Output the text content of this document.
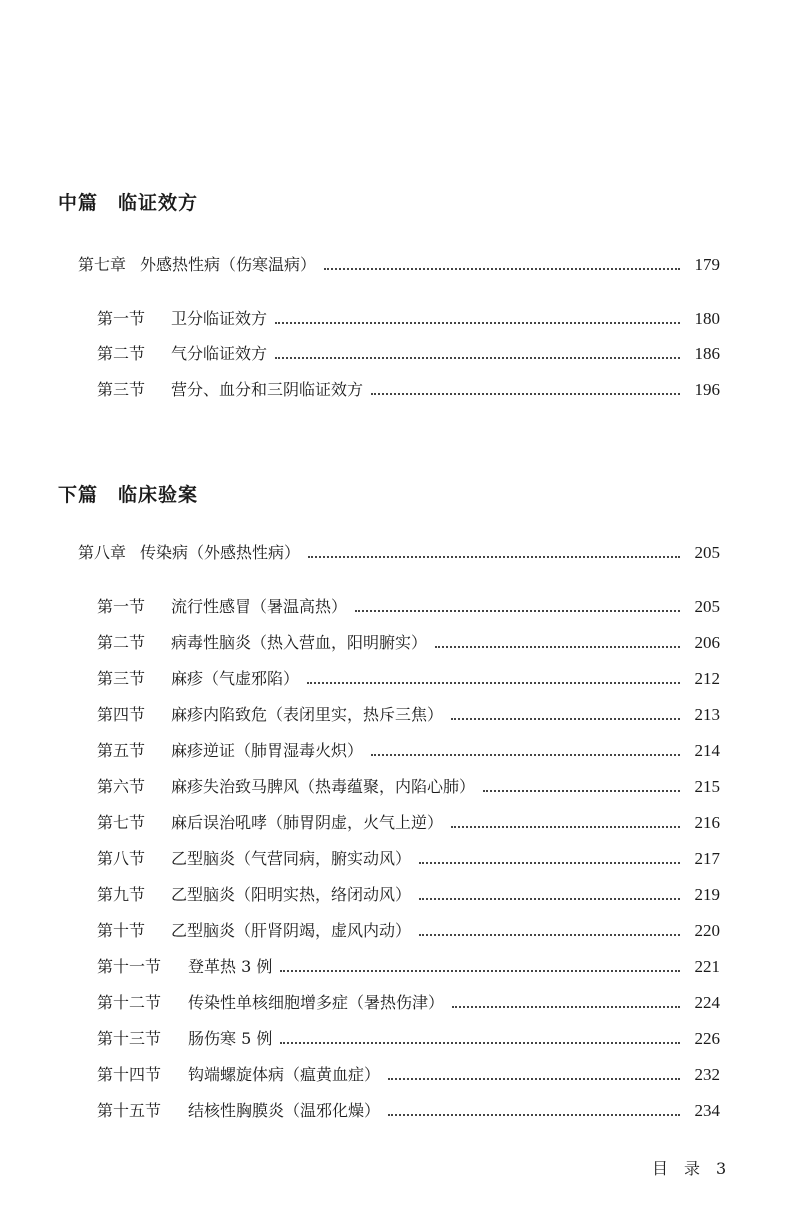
中篇　临证效方
第七章 外感热性病（伤寒温病）	179
第一节	卫分临证效方	180
第二节	气分临证效方	186
第三节	营分、血分和三阴临证效方	196
下篇　临床验案
第八章 传染病（外感热性病）	205
第一节	流行性感冒（暑温高热）	205
第二节	病毒性脑炎（热入营血，阳明腑实）	206
第三节	麻疹（气虚邪陷）	212
第四节	麻疹内陷致危（表闭里实，热斥三焦）	213
第五节	麻疹逆证（肺胃湿毒火炽）	214
第六节	麻疹失治致马脾风（热毒蕴聚，内陷心肺）	215
第七节	麻后误治吼哮（肺胃阴虚，火气上逆）	216
第八节	乙型脑炎（气营同病，腑实动风）	217
第九节	乙型脑炎（阳明实热，络闭动风）	219
第十节	乙型脑炎（肝肾阴竭，虚风内动）	220
第十一节	登革热 3 例	221
第十二节	传染性单核细胞增多症（暑热伤津）	224
第十三节	肠伤寒 5 例	226
第十四节	钩端螺旋体病（瘟黄血症）	232
第十五节	结核性胸膜炎（温邪化燥）	234
目　录　3
